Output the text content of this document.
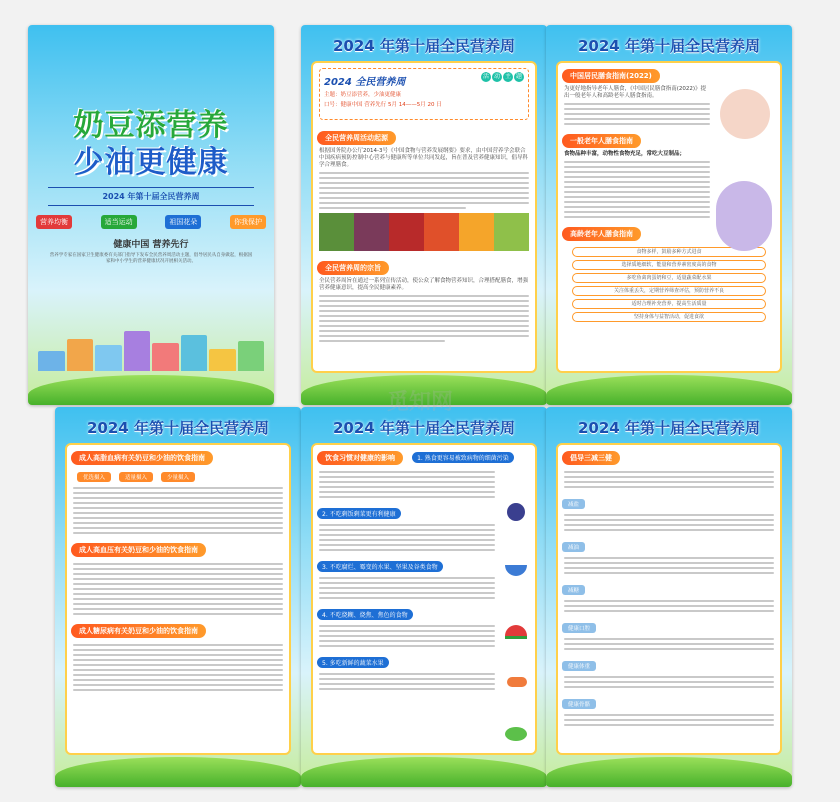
奶豆添营养
少油更健康
2024 年第十届全民营养周
营养均衡	适当运动	祖国花朵	你我保护
健康中国 营养先行
营养学专家在国家卫生健康委有关部门指导下发布全民营养周活动主题，倡导居民从自身做起，根据国家和中小学生的营养健康状况开展相关活动。
2024 年第十届全民营养周
2024 全民营养周
活 动 主 题
主题：奶豆添营养，少油更健康
口号：健康中国 营养先行 5月 14——5月 20 日
全民营养周活动起源
根据国务院办公厅2014-3号《中国食物与营养发展纲要》要求，由中国营养学会联合中国疾病预防控制中心营养与健康所等单位共同发起，旨在普及营养健康知识，倡导科学合理膳食。
全民营养周的宗旨
全民营养周旨在通过一系列宣传活动，使公众了解食物营养知识，合理搭配膳食，增强营养健康意识，提高全民健康素养。
2024 年第十届全民营养周
中国居民膳食指南(2022)
为更好地指导老年人膳食，《中国居民膳食指南(2022)》提出一般老年人和高龄老年人膳食指南。
一般老年人膳食指南
食物品种丰富，动物性食物充足，常吃大豆制品；
高龄老年人膳食指南
食物多样，鼓励多种方式进食
选择质地细软，能量和营养素密度高的食物
多吃鱼禽肉蛋奶和豆，适量蔬菜配水果
关注体重丢失，定期营养筛查评估，预防营养不良
适时合理补充营养，提高生活质量
坚持身体与益智活动，促进食欲
2024 年第十届全民营养周
成人高脂血病有关奶豆和少油的饮食指南
优选摄入	适量摄入	少量摄入
成人高血压有关奶豆和少油的饮食指南
成人糖尿病有关奶豆和少油的饮食指南
2024 年第十届全民营养周
饮食习惯对健康的影响	1. 熟食更容易被致病物的细菌污染
2. 不吃剩饭剩菜更有利健康
3. 不吃腐烂、霉变的水果、坚果及谷类食物
4. 不吃烧糊、烧焦、焦色的食物
5. 多吃新鲜的蔬菜水果
2024 年第十届全民营养周
倡导三减三健
减盐
减油
减糖
健康口腔
健康体重
健康骨骼
觅知网
